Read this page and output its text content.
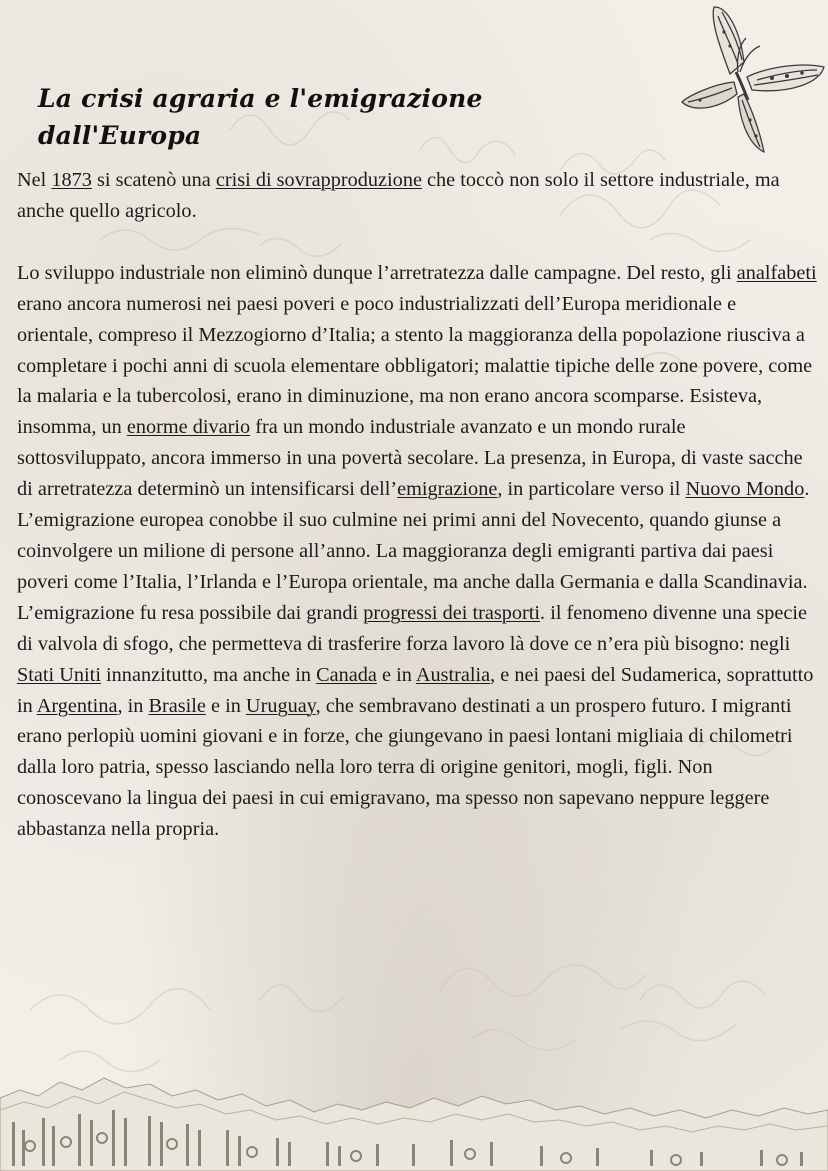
La crisi agraria e l'emigrazione
dall'Europa

Nel 1873 si scatenò una crisi di sovrapproduzione che toccò non solo il settore industriale, ma anche quello agricolo.

Lo sviluppo industriale non eliminò dunque l’arretratezza dalle campagne. Del resto, gli analfabeti erano ancora numerosi nei paesi poveri e poco industrializzati dell’Europa meridionale e orientale, compreso il Mezzogiorno d’Italia; a stento la maggioranza della popolazione riusciva a completare i pochi anni di scuola elementare obbligatori; malattie tipiche delle zone povere, come la malaria e la tubercolosi, erano in diminuzione, ma non erano ancora scomparse. Esisteva, insomma, un enorme divario fra un mondo industriale avanzato e un mondo rurale sottosviluppato, ancora immerso in una povertà secolare. La presenza, in Europa, di vaste sacche di arretratezza determinò un intensificarsi dell’emigrazione, in particolare verso il Nuovo Mondo. L’emigrazione europea conobbe il suo culmine nei primi anni del Novecento, quando giunse a coinvolgere un milione di persone all’anno. La maggioranza degli emigranti partiva dai paesi poveri come l’Italia, l’Irlanda e l’Europa orientale, ma anche dalla Germania e dalla Scandinavia. L’emigrazione fu resa possibile dai grandi progressi dei trasporti. il fenomeno divenne una specie di valvola di sfogo, che permetteva di trasferire forza lavoro là dove ce n’era più bisogno: negli Stati Uniti innanzitutto, ma anche in Canada e in Australia, e nei paesi del Sudamerica, soprattutto in Argentina, in Brasile e in Uruguay, che sembravano destinati a un prospero futuro. I migranti erano perlopiù uomini giovani e in forze, che giungevano in paesi lontani migliaia di chilometri dalla loro patria, spesso lasciando nella loro terra di origine genitori, mogli, figli. Non conoscevano la lingua dei paesi in cui emigravano, ma spesso non sapevano neppure leggere abbastanza nella propria.
